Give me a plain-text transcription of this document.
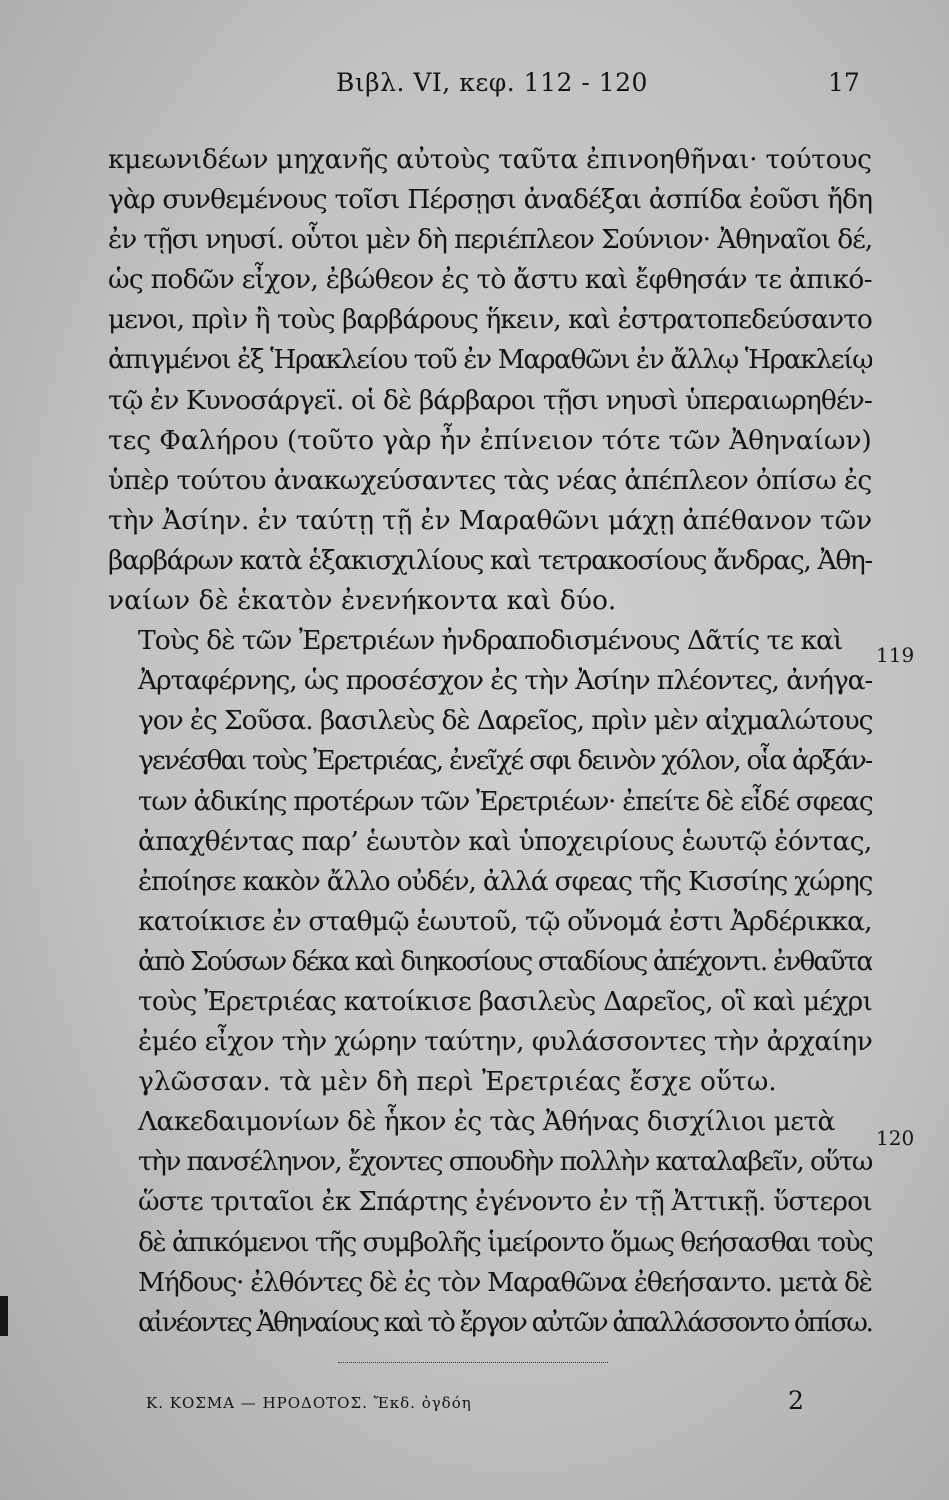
Βιβλ. VI, κεφ. 112 - 120	17

κμεωνιδέων μηχανῆς αὐτοὺς ταῦτα ἐπινοηθῆναι· τούτους
γὰρ συνθεμένους τοῖσι Πέρσῃσι ἀναδέξαι ἀσπίδα ἐοῦσι ἤδη
ἐν τῇσι νηυσί. οὗτοι μὲν δὴ περιέπλεον Σούνιον· Ἀθηναῖοι δέ,
ὡς ποδῶν εἶχον, ἐβώθεον ἐς τὸ ἄστυ καὶ ἔφθησάν τε ἀπικό-
μενοι, πρὶν ἢ τοὺς βαρβάρους ἥκειν, καὶ ἐστρατοπεδεύσαντο
ἀπιγμένοι ἐξ Ἡρακλείου τοῦ ἐν Μαραθῶνι ἐν ἄλλῳ Ἡρακλείῳ
τῷ ἐν Κυνοσάργεϊ. οἱ δὲ βάρβαροι τῇσι νηυσὶ ὑπεραιωρηθέν-
τες Φαλήρου (τοῦτο γὰρ ἦν ἐπίνειον τότε τῶν Ἀθηναίων)
ὑπὲρ τούτου ἀνακωχεύσαντες τὰς νέας ἀπέπλεον ὀπίσω ἐς
τὴν Ἀσίην. ἐν ταύτῃ τῇ ἐν Μαραθῶνι μάχῃ ἀπέθανον τῶν
βαρβάρων κατὰ ἑξακισχιλίους καὶ τετρακοσίους ἄνδρας, Ἀθη-
ναίων δὲ ἑκατὸν ἐνενήκοντα καὶ δύο.

Τοὺς δὲ τῶν Ἐρετριέων ἠνδραποδισμένους Δᾶτίς τε καὶ
Ἀρταφέρνης, ὡς προσέσχον ἐς τὴν Ἀσίην πλέοντες, ἀνήγα-
γον ἐς Σοῦσα. βασιλεὺς δὲ Δαρεῖος, πρὶν μὲν αἰχμαλώτους
γενέσθαι τοὺς Ἐρετριέας, ἐνεῖχέ σφι δεινὸν χόλον, οἷα ἀρξάν-
των ἀδικίης προτέρων τῶν Ἐρετριέων· ἐπείτε δὲ εἶδέ σφεας
ἀπαχθέντας παρ’ ἑωυτὸν καὶ ὑποχειρίους ἑωυτῷ ἐόντας,
ἐποίησε κακὸν ἄλλο οὐδέν, ἀλλά σφεας τῆς Κισσίης χώρης
κατοίκισε ἐν σταθμῷ ἑωυτοῦ, τῷ οὔνομά ἐστι Ἀρδέρικκα,
ἀπὸ Σούσων δέκα καὶ διηκοσίους σταδίους ἀπέχοντι. ἐνθαῦτα
τοὺς Ἐρετριέας κατοίκισε βασιλεὺς Δαρεῖος, οἳ καὶ μέχρι
ἐμέο εἶχον τὴν χώρην ταύτην, φυλάσσοντες τὴν ἀρχαίην
γλῶσσαν. τὰ μὲν δὴ περὶ Ἐρετριέας ἔσχε οὕτω.

Λακεδαιμονίων δὲ ἧκον ἐς τὰς Ἀθήνας δισχίλιοι μετὰ
τὴν πανσέληνον, ἔχοντες σπουδὴν πολλὴν καταλαβεῖν, οὕτω
ὥστε τριταῖοι ἐκ Σπάρτης ἐγένοντο ἐν τῇ Ἀττικῇ. ὕστεροι
δὲ ἀπικόμενοι τῆς συμβολῆς ἱμείροντο ὅμως θεήσασθαι τοὺς
Μήδους· ἐλθόντες δὲ ἐς τὸν Μαραθῶνα ἐθεήσαντο. μετὰ δὲ
αἰνέοντες Ἀθηναίους καὶ τὸ ἔργον αὐτῶν ἀπαλλάσσοντο ὀπίσω.

119
120
Κ. ΚΟΣΜΑ — ΗΡΟΔΟΤΟΣ. Ἔκδ. ὀγδόη	2
